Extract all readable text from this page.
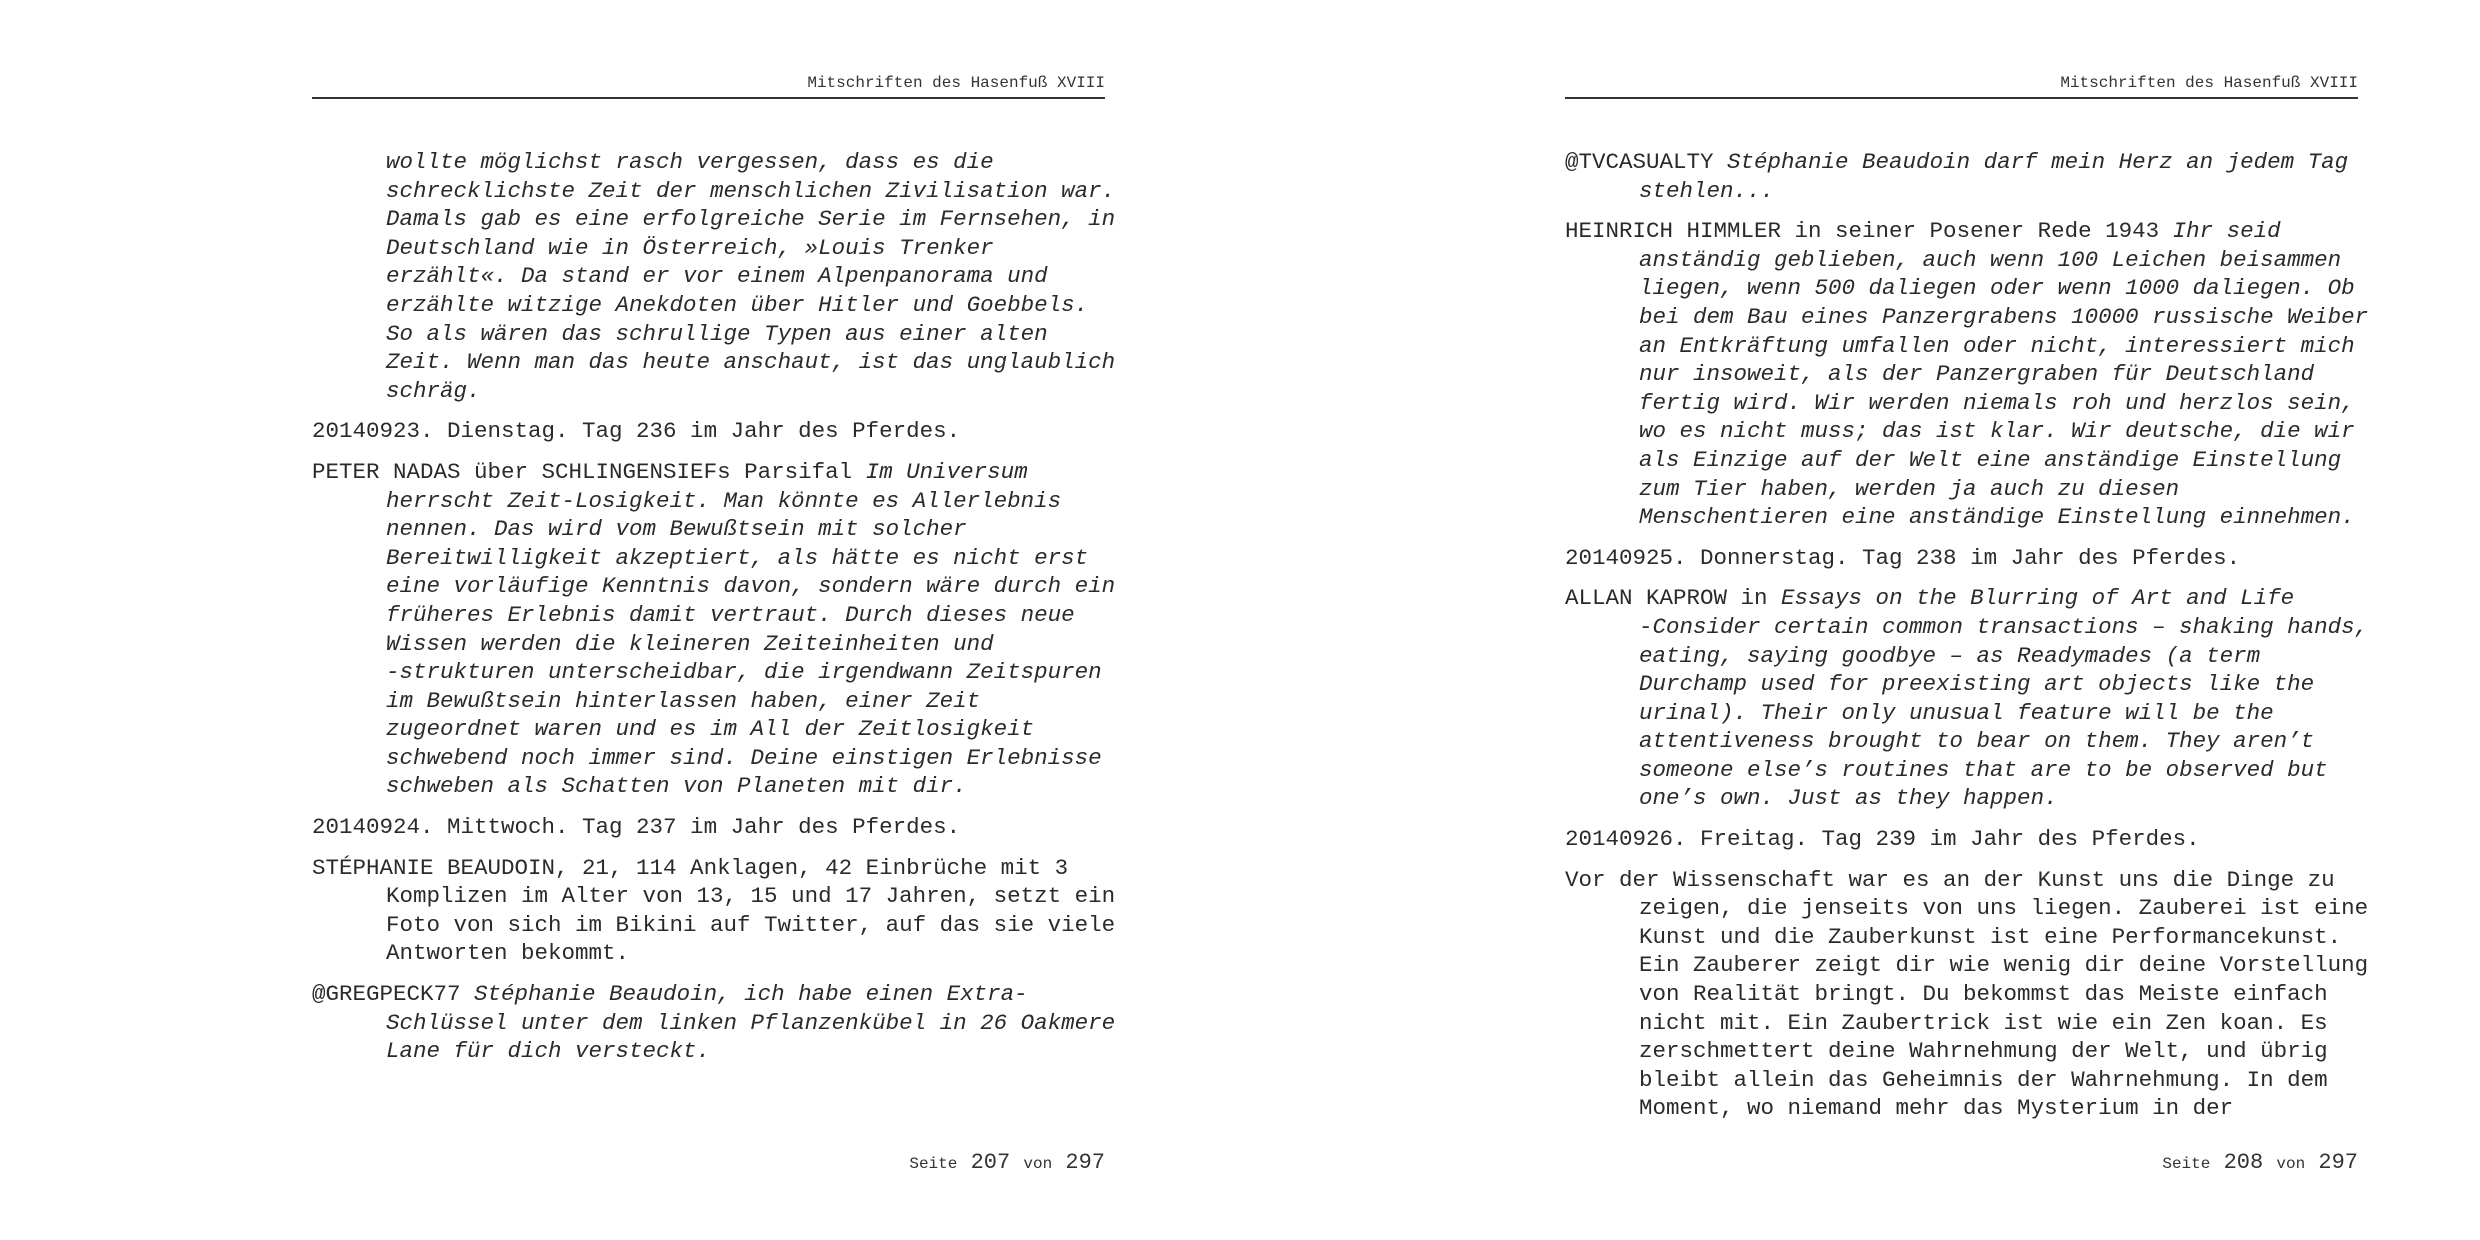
Mitschriften des Hasenfuß XVIII
wollte möglichst rasch vergessen, dass es die
schrecklichste Zeit der menschlichen Zivilisation war.
Damals gab es eine erfolgreiche Serie im Fernsehen, in
Deutschland wie in Österreich, »Louis Trenker
erzählt«. Da stand er vor einem Alpenpanorama und
erzählte witzige Anekdoten über Hitler und Goebbels.
So als wären das schrullige Typen aus einer alten
Zeit. Wenn man das heute anschaut, ist das unglaublich
schräg.
20140923. Dienstag. Tag 236 im Jahr des Pferdes.
PETER NADAS über SCHLINGENSIEFs Parsifal Im Universum
herrscht Zeit-Losigkeit. Man könnte es Allerlebnis
nennen. Das wird vom Bewußtsein mit solcher
Bereitwilligkeit akzeptiert, als hätte es nicht erst
eine vorläufige Kenntnis davon, sondern wäre durch ein
früheres Erlebnis damit vertraut. Durch dieses neue
Wissen werden die kleineren Zeiteinheiten und
-strukturen unterscheidbar, die irgendwann Zeitspuren
im Bewußtsein hinterlassen haben, einer Zeit
zugeordnet waren und es im All der Zeitlosigkeit
schwebend noch immer sind. Deine einstigen Erlebnisse
schweben als Schatten von Planeten mit dir.
20140924. Mittwoch. Tag 237 im Jahr des Pferdes.
STÉPHANIE BEAUDOIN, 21, 114 Anklagen, 42 Einbrüche mit 3
Komplizen im Alter von 13, 15 und 17 Jahren, setzt ein
Foto von sich im Bikini auf Twitter, auf das sie viele
Antworten bekommt.
@GREGPECK77 Stéphanie Beaudoin, ich habe einen Extra-
Schlüssel unter dem linken Pflanzenkübel in 26 Oakmere
Lane für dich versteckt.
Seite 207 von 297
Mitschriften des Hasenfuß XVIII
@TVCASUALTY Stéphanie Beaudoin darf mein Herz an jedem Tag
stehlen...
HEINRICH HIMMLER in seiner Posener Rede 1943 Ihr seid
anständig geblieben, auch wenn 100 Leichen beisammen
liegen, wenn 500 daliegen oder wenn 1000 daliegen. Ob
bei dem Bau eines Panzergrabens 10000 russische Weiber
an Entkräftung umfallen oder nicht, interessiert mich
nur insoweit, als der Panzergraben für Deutschland
fertig wird. Wir werden niemals roh und herzlos sein,
wo es nicht muss; das ist klar. Wir deutsche, die wir
als Einzige auf der Welt eine anständige Einstellung
zum Tier haben, werden ja auch zu diesen
Menschentieren eine anständige Einstellung einnehmen.
20140925. Donnerstag. Tag 238 im Jahr des Pferdes.
ALLAN KAPROW in Essays on the Blurring of Art and Life
-Consider certain common transactions – shaking hands,
eating, saying goodbye – as Readymades (a term
Durchamp used for preexisting art objects like the
urinal). Their only unusual feature will be the
attentiveness brought to bear on them. They aren’t
someone else’s routines that are to be observed but
one’s own. Just as they happen.
20140926. Freitag. Tag 239 im Jahr des Pferdes.
Vor der Wissenschaft war es an der Kunst uns die Dinge zu
zeigen, die jenseits von uns liegen. Zauberei ist eine
Kunst und die Zauberkunst ist eine Performancekunst.
Ein Zauberer zeigt dir wie wenig dir deine Vorstellung
von Realität bringt. Du bekommst das Meiste einfach
nicht mit. Ein Zaubertrick ist wie ein Zen koan. Es
zerschmettert deine Wahrnehmung der Welt, und übrig
bleibt allein das Geheimnis der Wahrnehmung. In dem
Moment, wo niemand mehr das Mysterium in der
Seite 208 von 297
